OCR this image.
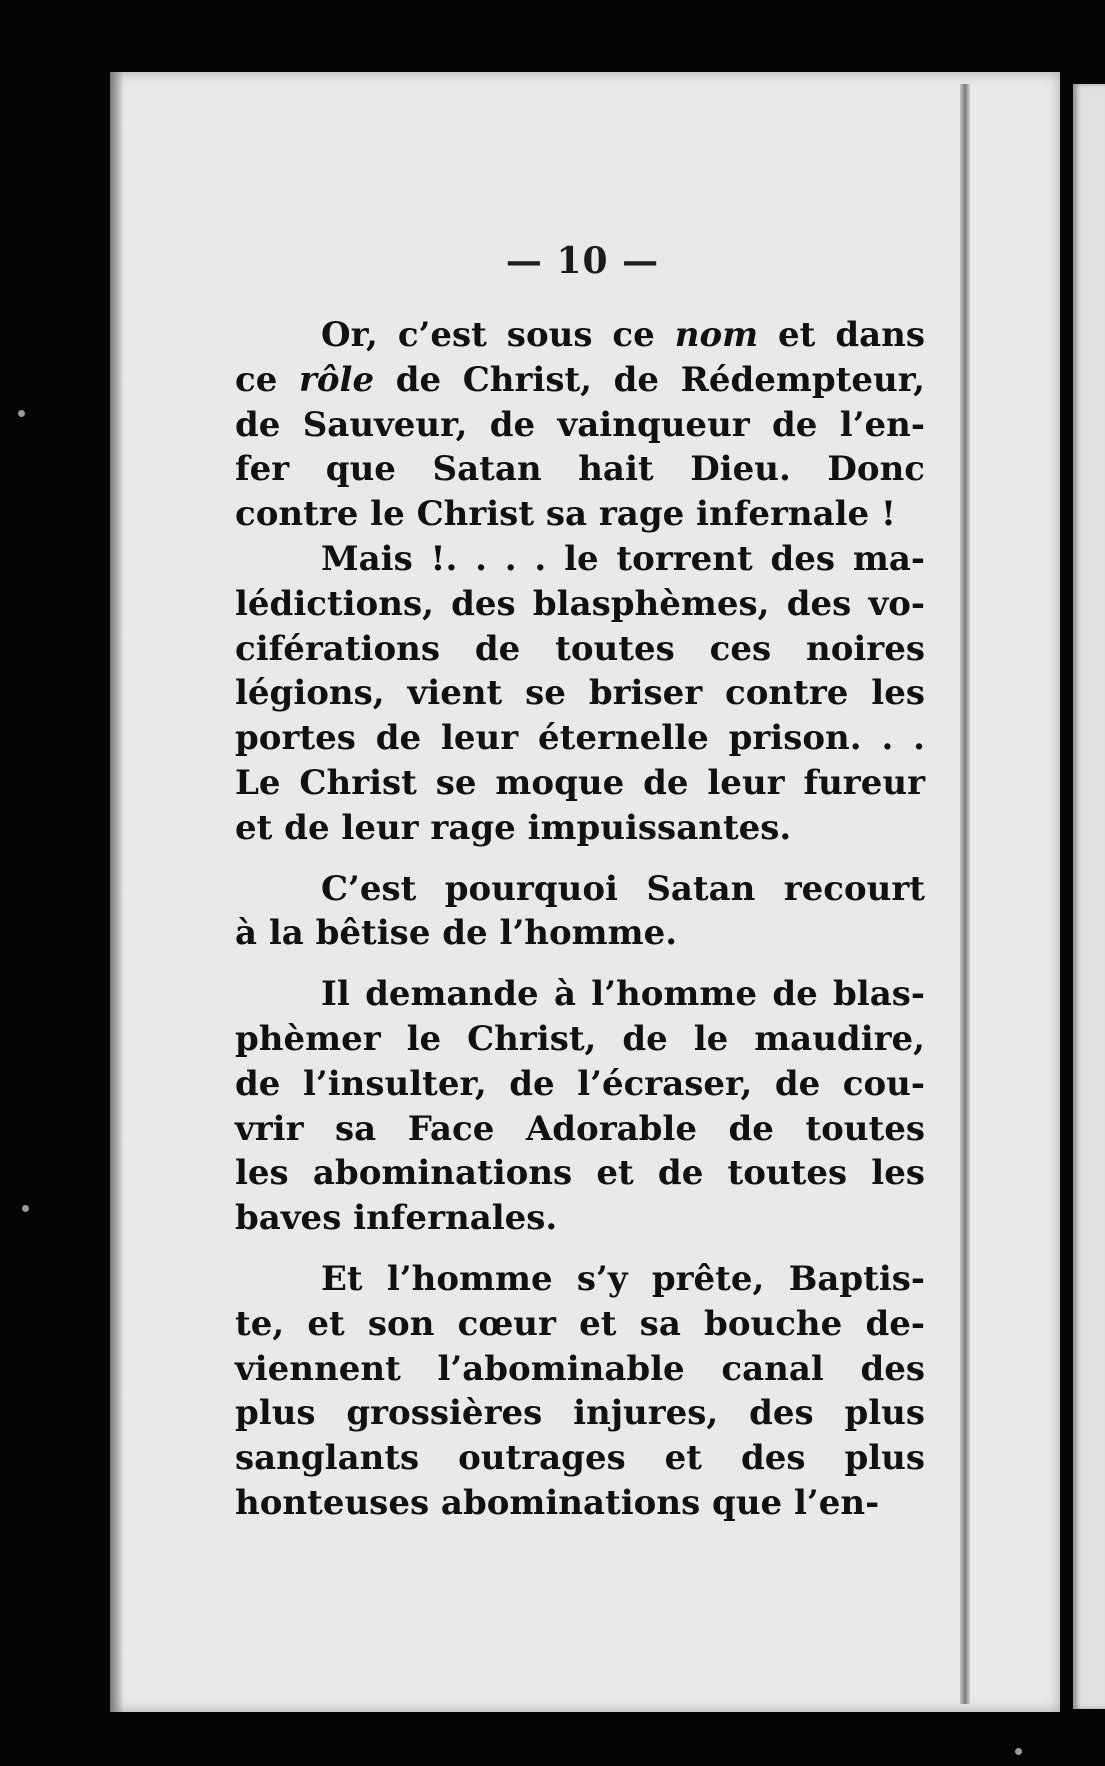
— 10 —
Or, c’est sous ce nom et dans
ce rôle de Christ, de Rédempteur,
de Sauveur, de vainqueur de l’en-
fer que Satan hait Dieu. Donc
contre le Christ sa rage infernale !
Mais !. . . . le torrent des ma-
lédictions, des blasphèmes, des vo-
ciférations de toutes ces noires
légions, vient se briser contre les
portes de leur éternelle prison. . .
Le Christ se moque de leur fureur
et de leur rage impuissantes.
C’est pourquoi Satan recourt
à la bêtise de l’homme.
Il demande à l’homme de blas-
phèmer le Christ, de le maudire,
de l’insulter, de l’écraser, de cou-
vrir sa Face Adorable de toutes
les abominations et de toutes les
baves infernales.
Et l’homme s’y prête, Baptis-
te, et son cœur et sa bouche de-
viennent l’abominable canal des
plus grossières injures, des plus
sanglants outrages et des plus
honteuses abominations que l’en-
